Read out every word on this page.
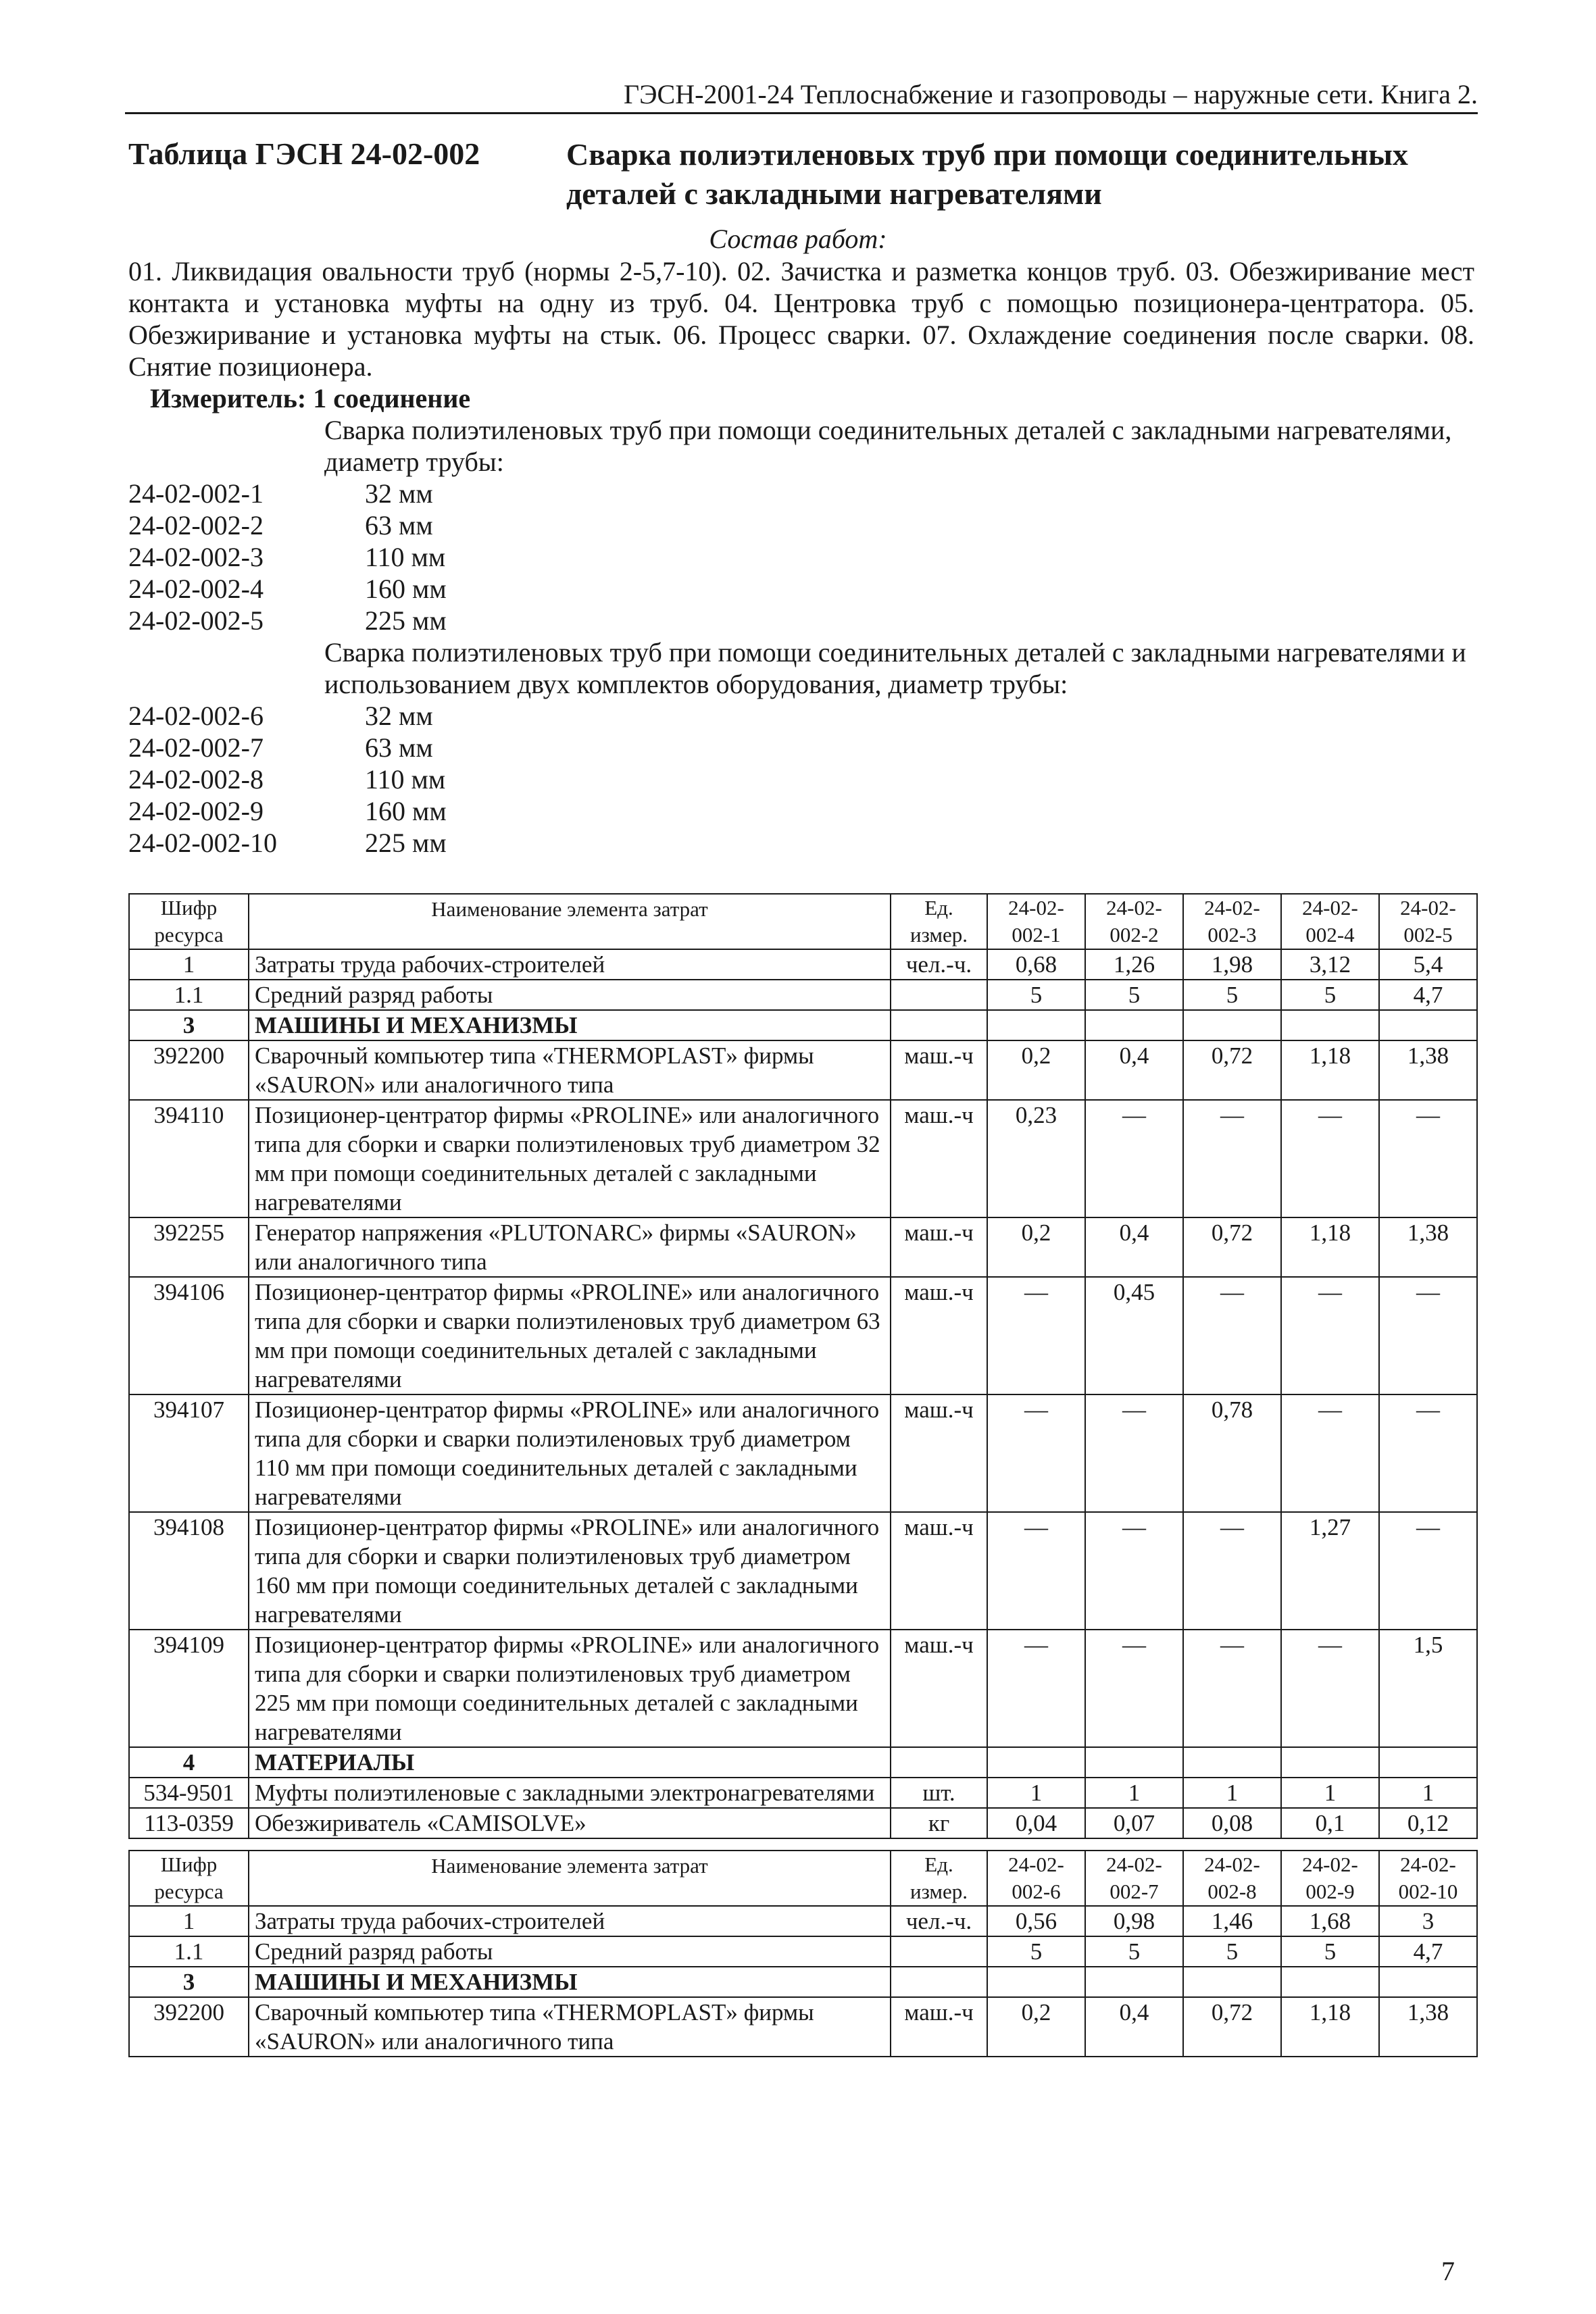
ГЭСН-2001-24 Теплоснабжение и газопроводы – наружные сети. Книга 2.
Таблица ГЭСН 24-02-002	Сварка полиэтиленовых труб при помощи соединительных деталей с закладными нагревателями
Состав работ:
01. Ликвидация овальности труб (нормы 2-5,7-10). 02. Зачистка и разметка концов труб. 03. Обезжиривание мест контакта и установка муфты на одну из труб. 04. Центровка труб с помощью позиционера-центратора. 05. Обезжиривание и установка муфты на стык. 06. Процесс сварки. 07. Охлаждение соединения после сварки. 08. Снятие позиционера.
Измеритель: 1 соединение
Сварка полиэтиленовых труб при помощи соединительных деталей с закладными нагревателями, диаметр трубы:
24-02-002-1	32 мм
24-02-002-2	63 мм
24-02-002-3	110 мм
24-02-002-4	160 мм
24-02-002-5	225 мм
Сварка полиэтиленовых труб при помощи соединительных деталей с закладными нагревателями и использованием двух комплектов оборудования, диаметр трубы:
24-02-002-6	32 мм
24-02-002-7	63 мм
24-02-002-8	110 мм
24-02-002-9	160 мм
24-02-002-10	225 мм
Шифр ресурса	Наименование элемента затрат	Ед. измер.	24-02-002-1	24-02-002-2	24-02-002-3	24-02-002-4	24-02-002-5
1	Затраты труда рабочих-строителей	чел.-ч.	0,68	1,26	1,98	3,12	5,4
1.1	Средний разряд работы		5	5	5	5	4,7
3	МАШИНЫ И МЕХАНИЗМЫ						
392200	Сварочный компьютер типа «THERMOPLAST» фирмы «SAURON» или аналогичного типа	маш.-ч	0,2	0,4	0,72	1,18	1,38
394110	Позиционер-центратор фирмы «PROLINE» или аналогичного типа для сборки и сварки полиэтиленовых труб диаметром 32 мм при помощи соединительных деталей с закладными нагревателями	маш.-ч	0,23	—	—	—	—
392255	Генератор напряжения «PLUTONARC» фирмы «SAURON» или аналогичного типа	маш.-ч	0,2	0,4	0,72	1,18	1,38
394106	Позиционер-центратор фирмы «PROLINE» или аналогичного типа для сборки и сварки полиэтиленовых труб диаметром 63 мм при помощи соединительных деталей с закладными нагревателями	маш.-ч	—	0,45	—	—	—
394107	Позиционер-центратор фирмы «PROLINE» или аналогичного типа для сборки и сварки полиэтиленовых труб диаметром 110 мм при помощи соединительных деталей с закладными нагревателями	маш.-ч	—	—	0,78	—	—
394108	Позиционер-центратор фирмы «PROLINE» или аналогичного типа для сборки и сварки полиэтиленовых труб диаметром 160 мм при помощи соединительных деталей с закладными нагревателями	маш.-ч	—	—	—	1,27	—
394109	Позиционер-центратор фирмы «PROLINE» или аналогичного типа для сборки и сварки полиэтиленовых труб диаметром 225 мм при помощи соединительных деталей с закладными нагревателями	маш.-ч	—	—	—	—	1,5
4	МАТЕРИАЛЫ						
534-9501	Муфты полиэтиленовые с закладными электронагревателями	шт.	1	1	1	1	1
113-0359	Обезжириватель «CAMISOLVE»	кг	0,04	0,07	0,08	0,1	0,12
Шифр ресурса	Наименование элемента затрат	Ед. измер.	24-02-002-6	24-02-002-7	24-02-002-8	24-02-002-9	24-02-002-10
1	Затраты труда рабочих-строителей	чел.-ч.	0,56	0,98	1,46	1,68	3
1.1	Средний разряд работы		5	5	5	5	4,7
3	МАШИНЫ И МЕХАНИЗМЫ						
392200	Сварочный компьютер типа «THERMOPLAST» фирмы «SAURON» или аналогичного типа	маш.-ч	0,2	0,4	0,72	1,18	1,38
7
